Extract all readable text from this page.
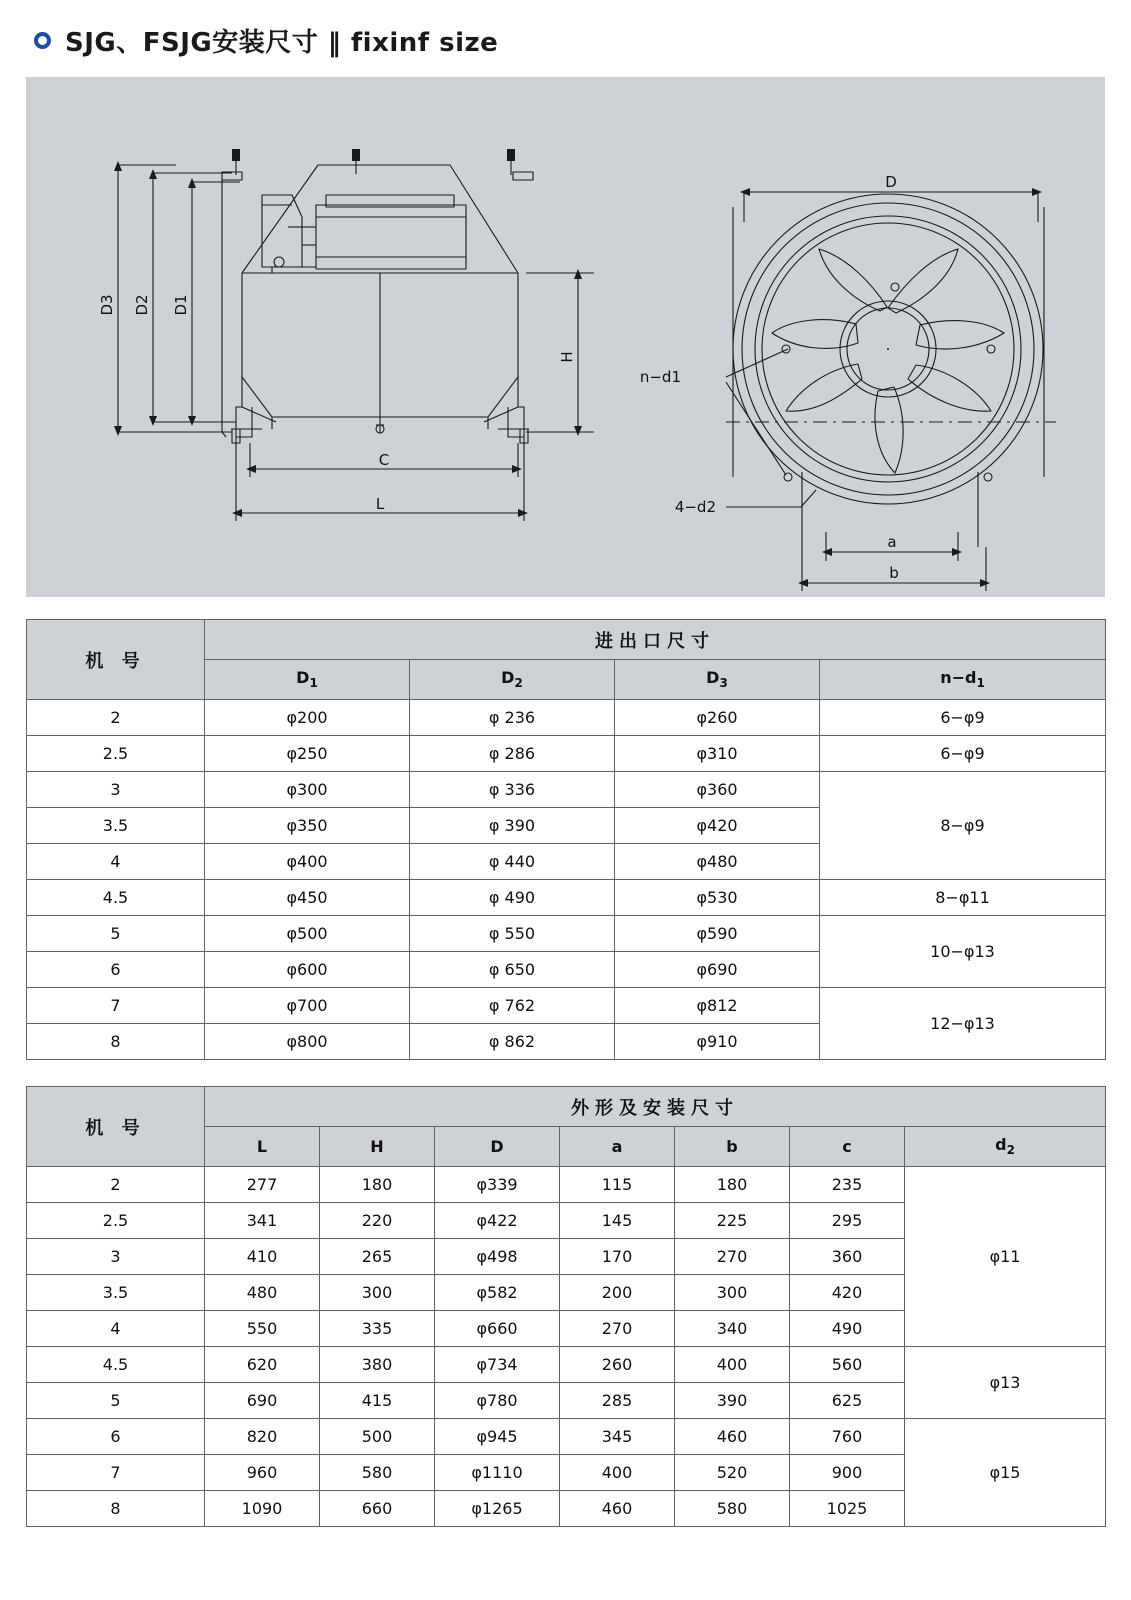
SJG、FSJG安装尺寸 ‖ fixinf size
D3 D2 D1
H
C
L
D
n−d1
4−d2
a
b
机 号	进出口尺寸			
	$D_1$	$D_2$	$D_3$	$n-d_1$
2	φ200	φ 236	φ260	6−φ9
2.5	φ250	φ 286	φ310	6−φ9
3	φ300	φ 336	φ360	8−φ9
3.5	φ350	φ 390	φ420	
4	φ400	φ 440	φ480	
4.5	φ450	φ 490	φ530	8−φ11
5	φ500	φ 550	φ590	10−φ13
6	φ600	φ 650	φ690	
7	φ700	φ 762	φ812	12−φ13
8	φ800	φ 862	φ910	
机 号	外形及安装尺寸						
	L	H	D	a	b	c	$d_2$
2	277	180	φ339	115	180	235	φ11
2.5	341	220	φ422	145	225	295	
3	410	265	φ498	170	270	360	
3.5	480	300	φ582	200	300	420	
4	550	335	φ660	270	340	490	
4.5	620	380	φ734	260	400	560	φ13
5	690	415	φ780	285	390	625	
6	820	500	φ945	345	460	760	φ15
7	960	580	φ1110	400	520	900	
8	1090	660	φ1265	460	580	1025	
